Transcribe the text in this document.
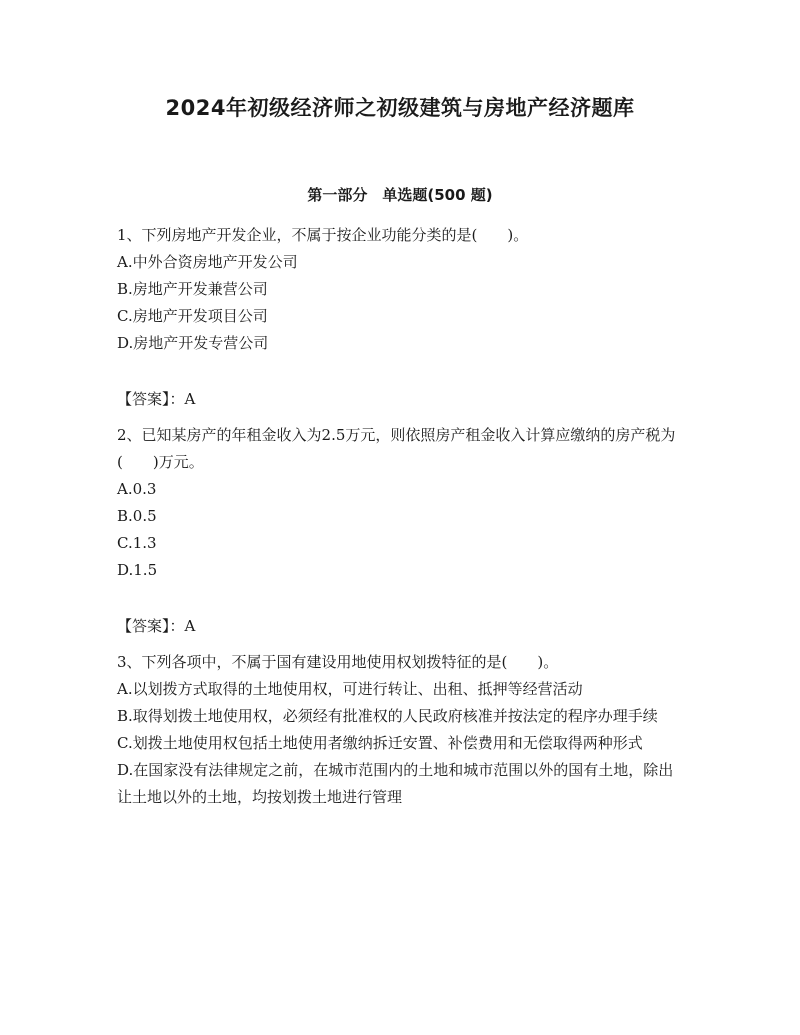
2024年初级经济师之初级建筑与房地产经济题库
第一部分　单选题(500 题)

1、下列房地产开发企业，不属于按企业功能分类的是(　　)。

A.中外合资房地产开发公司

B.房地产开发兼营公司

C.房地产开发项目公司

D.房地产开发专营公司

【答案】：A

2、已知某房产的年租金收入为2.5万元，则依照房产租金收入计算应缴纳的房产税为(　　)万元。

A.0.3

B.0.5

C.1.3

D.1.5

【答案】：A

3、下列各项中，不属于国有建设用地使用权划拨特征的是(　　)。

A.以划拨方式取得的土地使用权，可进行转让、出租、抵押等经营活动

B.取得划拨土地使用权，必须经有批准权的人民政府核准并按法定的程序办理手续

C.划拨土地使用权包括土地使用者缴纳拆迁安置、补偿费用和无偿取得两种形式

D.在国家没有法律规定之前，在城市范围内的土地和城市范围以外的国有土地，除出让土地以外的土地，均按划拨土地进行管理
